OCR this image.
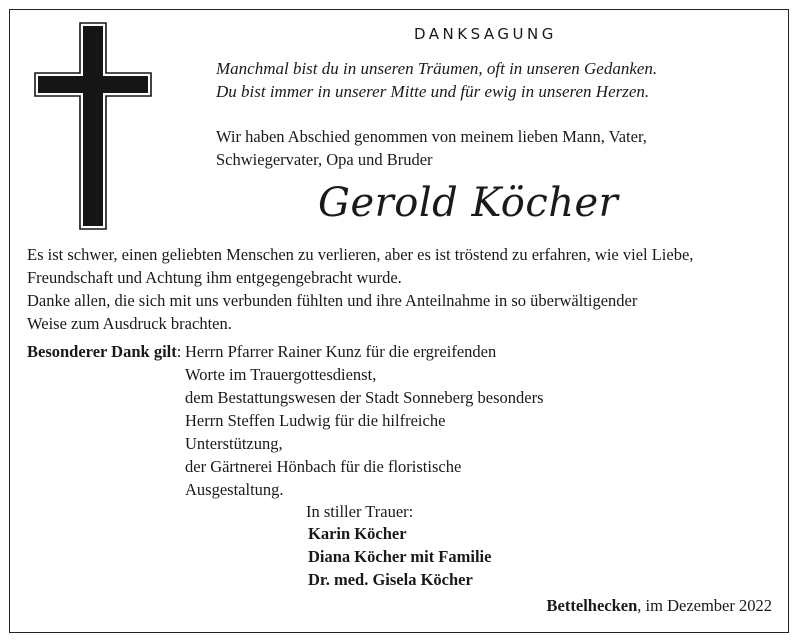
DANKSAGUNG
Manchmal bist du in unseren Träumen, oft in unseren Gedanken.
Du bist immer in unserer Mitte und für ewig in unseren Herzen.
Wir haben Abschied genommen von meinem lieben Mann, Vater,
Schwiegervater, Opa und Bruder
Gerold Köcher
Es ist schwer, einen geliebten Menschen zu verlieren, aber es ist tröstend zu erfahren, wie viel Liebe,
Freundschaft und Achtung ihm entgegengebracht wurde.
Danke allen, die sich mit uns verbunden fühlten und ihre Anteilnahme in so überwältigender
Weise zum Ausdruck brachten.
Besonderer Dank gilt: Herrn Pfarrer Rainer Kunz für die ergreifenden
Worte im Trauergottesdienst,
dem Bestattungswesen der Stadt Sonneberg besonders
Herrn Steffen Ludwig für die hilfreiche
Unterstützung,
der Gärtnerei Hönbach für die floristische
Ausgestaltung.
In stiller Trauer:
Karin Köcher
Diana Köcher mit Familie
Dr. med. Gisela Köcher
Bettelhecken, im Dezember 2022
